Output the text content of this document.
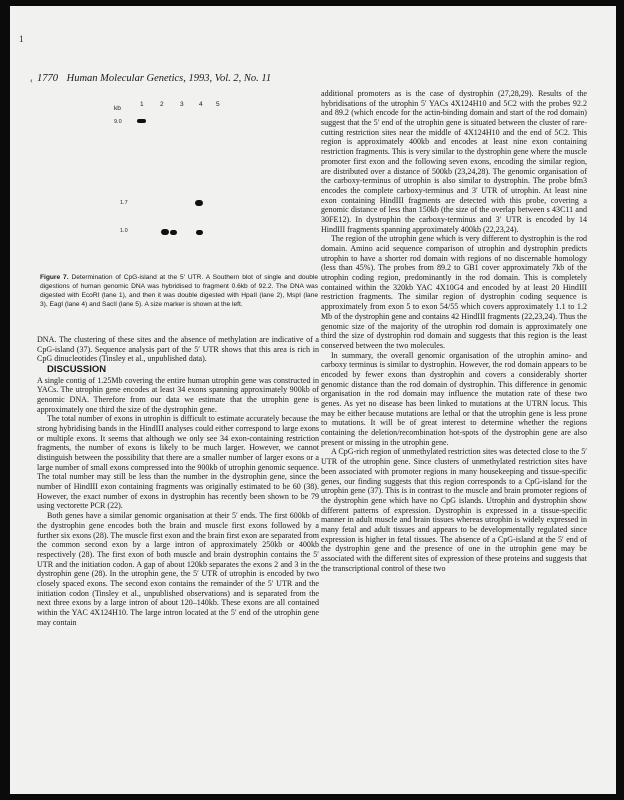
1
‹ 1770 Human Molecular Genetics, 1993, Vol. 2, No. 11
kb
1	2	3 4 5
9.0
1.7
1.0
Figure 7. Determination of CpG-island at the 5′ UTR. A Southern blot of single and double digestions of human genomic DNA was hybridised to fragment 0.6kb of 92.2. The DNA was digested with EcoRI (lane 1), and then it was double digested with HpaII (lane 2), MspI (lane 3), EagI (lane 4) and SacII (lane 5). A size marker is shown at the left.

DNA. The clustering of these sites and the absence of methylation are indicative of a CpG-island (37). Sequence analysis part of the 5′ UTR shows that this area is rich in CpG dinucleotides (Tinsley et al., unpublished data).

DISCUSSION

A single contig of 1.25Mb covering the entire human utrophin gene was constructed in YACs. The utrophin gene encodes at least 34 exons spanning approximately 900kb of genomic DNA. Therefore from our data we estimate that the utrophin gene is approximately one third the size of the dystrophin gene.

The total number of exons in utrophin is difficult to estimate accurately because the strong hybridising bands in the HindIII analyses could either correspond to large exons or multiple exons. It seems that although we only see 34 exon-containing restriction fragments, the number of exons is likely to be much larger. However, we cannot distinguish between the possibility that there are a smaller number of larger exons or a large number of small exons compressed into the 900kb of utrophin genomic sequence. The total number may still be less than the number in the dystrophin gene, since the number of HindIII exon containing fragments was originally estimated to be 60 (38). However, the exact number of exons in dystrophin has recently been shown to be 79 using vectorette PCR (22).

Both genes have a similar genomic organisation at their 5′ ends. The first 600kb of the dystrophin gene encodes both the brain and muscle first exons followed by a further six exons (28). The muscle first exon and the brain first exon are separated from the common second exon by a large intron of approximately 250kb or 400kb respectively (28). The first exon of both muscle and brain dystrophin contains the 5′ UTR and the initiation codon. A gap of about 120kb separates the exons 2 and 3 in the dystrophin gene (28). In the utrophin gene, the 5′ UTR of utrophin is encoded by two closely spaced exons. The second exon contains the remainder of the 5′ UTR and the initiation codon (Tinsley et al., unpublished observations) and is separated from the next three exons by a large intron of about 120–140kb. These exons are all contained within the YAC 4X124H10. The large intron located at the 5′ end of the utrophin gene may contain

additional promoters as is the case of dystrophin (27,28,29). Results of the hybridisations of the utrophin 5′ YACs 4X124H10 and 5C2 with the probes 92.2 and 89.2 (which encode for the actin-binding domain and start of the rod domain) suggest that the 5′ end of the utrophin gene is situated between the cluster of rare-cutting restriction sites near the middle of 4X124H10 and the end of 5C2. This region is approximately 400kb and encodes at least nine exon containing restriction fragments. This is very similar to the dystrophin gene where the muscle promoter first exon and the following seven exons, encoding the similar region, are distributed over a distance of 500kb (23,24,28). The genomic organisation of the carboxy-terminus of utrophin is also similar to dystrophin. The probe bfm3 encodes the complete carboxy-terminus and 3′ UTR of utrophin. At least nine exon containing HindIII fragments are detected with this probe, covering a genomic distance of less than 150kb (the size of the overlap between s 43C11 and 30FE12). In dystrophin the carboxy-terminus and 3′ UTR is encoded by 14 HindIII fragments spanning approximately 400kb (22,23,24).

The region of the utrophin gene which is very different to dystrophin is the rod domain. Amino acid sequence comparison of utrophin and dystrophin predicts utrophin to have a shorter rod domain with regions of no discernable homology (less than 45%). The probes from 89.2 to GB1 cover approximately 7kb of the utrophin coding region, predominantly in the rod domain. This is completely contained within the 320kb YAC 4X10G4 and encoded by at least 20 HindIII restriction fragments. The similar region of dystrophin coding sequence is approximately from exon 5 to exon 54/55 which covers approximately 1.1 to 1.2 Mb of the dystrophin gene and contains 42 HindIII fragments (22,23,24). Thus the genomic size of the majority of the utrophin rod domain is approximately one third the size of dystrophin rod domain and suggests that this region is the least conserved between the two molecules.

In summary, the overall genomic organisation of the utrophin amino- and carboxy terminus is similar to dystrophin. However, the rod domain appears to be encoded by fewer exons than dystrophin and covers a considerably shorter genomic distance than the rod domain of dystrophin. This difference in genomic organisation in the rod domain may influence the mutation rate of these two genes. As yet no disease has been linked to mutations at the UTRN locus. This may be either because mutations are lethal or that the utrophin gene is less prone to mutations. It will be of great interest to determine whether the regions containing the deletion/recombination hot-spots of the dystrophin gene are also present or missing in the utrophin gene.

A CpG-rich region of unmethylated restriction sites was detected close to the 5′ UTR of the utrophin gene. Since clusters of unmethylated restriction sites have been associated with promoter regions in many housekeeping and tissue-specific genes, our finding suggests that this region corresponds to a CpG-island for the utrophin gene (37). This is in contrast to the muscle and brain promoter regions of the dystrophin gene which have no CpG islands. Utrophin and dystrophin show different patterns of expression. Dystrophin is expressed in a tissue-specific manner in adult muscle and brain tissues whereas utrophin is widely expressed in many fetal and adult tissues and appears to be developmentally regulated since expression is higher in fetal tissues. The absence of a CpG-island at the 5′ end of the dystrophin gene and the presence of one in the utrophin gene may be associated with the different sites of expression of these proteins and suggests that the transcriptional control of these two
